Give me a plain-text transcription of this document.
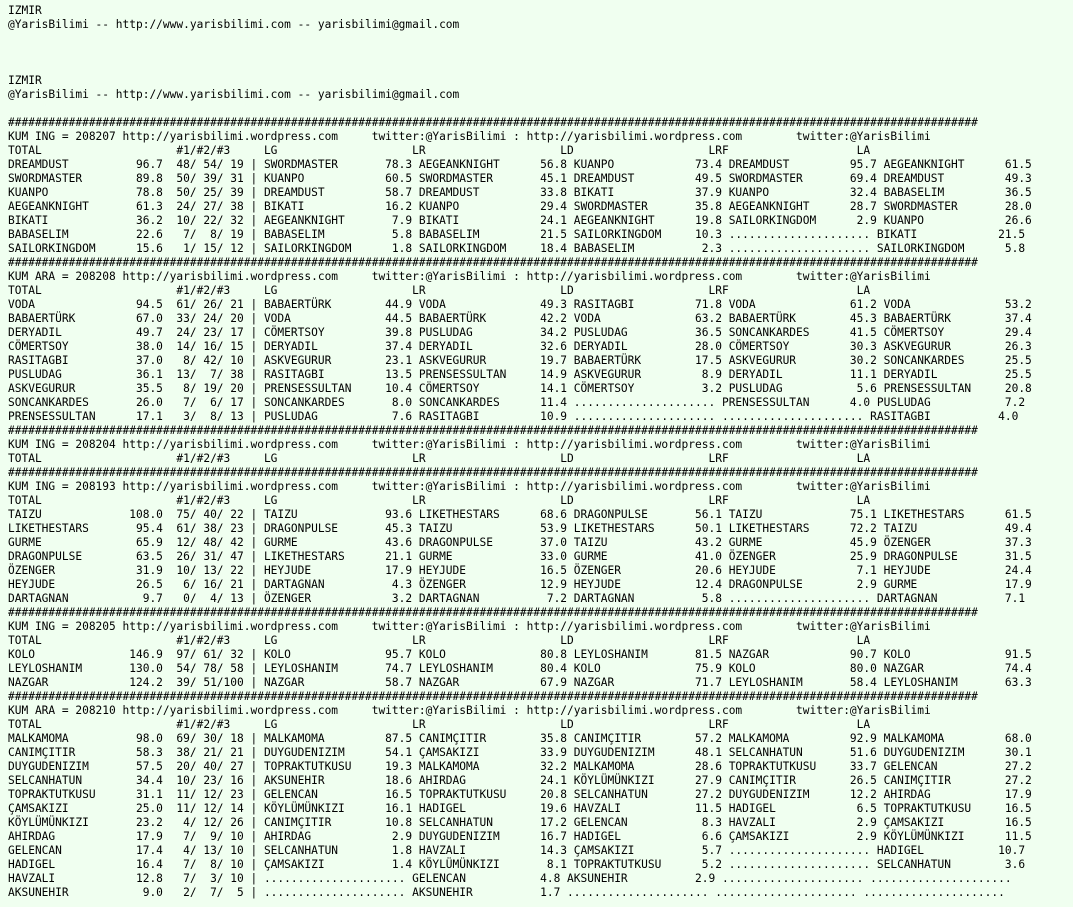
IZMIR
@YarisBilimi -- http://www.yarisbilimi.com -- yarisbilimi@gmail.com
IZMIR
@YarisBilimi -- http://www.yarisbilimi.com -- yarisbilimi@gmail.com
################################################################################################################################################
KUM ING = 208207 http://yarisbilimi.wordpress.com     twitter:@YarisBilimi : http://yarisbilimi.wordpress.com        twitter:@YarisBilimi
TOTAL                    #1/#2/#3     LG                    LR                    LD                    LRF                   LA
DREAMDUST          96.7  48/ 54/ 19 | SWORDMASTER       78.3 AEGEANKNIGHT      56.8 KUANPO            73.4 DREAMDUST         95.7 AEGEANKNIGHT      61.5
SWORDMASTER        89.8  50/ 39/ 31 | KUANPO            60.5 SWORDMASTER       45.1 DREAMDUST         49.5 SWORDMASTER       69.4 DREAMDUST         49.3
KUANPO             78.8  50/ 25/ 39 | DREAMDUST         58.7 DREAMDUST         33.8 BIKATI            37.9 KUANPO            32.4 BABASELIM         36.5
AEGEANKNIGHT       61.3  24/ 27/ 38 | BIKATI            16.2 KUANPO            29.4 SWORDMASTER       35.8 AEGEANKNIGHT      28.7 SWORDMASTER       28.0
BIKATI             36.2  10/ 22/ 32 | AEGEANKNIGHT       7.9 BIKATI            24.1 AEGEANKNIGHT      19.8 SAILORKINGDOM      2.9 KUANPO            26.6
BABASELIM          22.6   7/  8/ 19 | BABASELIM          5.8 BABASELIM         21.5 SAILORKINGDOM     10.3 ..................... BIKATI            21.5
SAILORKINGDOM      15.6   1/ 15/ 12 | SAILORKINGDOM      1.8 SAILORKINGDOM     18.4 BABASELIM          2.3 ..................... SAILORKINGDOM      5.8
################################################################################################################################################
KUM ARA = 208208 http://yarisbilimi.wordpress.com     twitter:@YarisBilimi : http://yarisbilimi.wordpress.com        twitter:@YarisBilimi
TOTAL                    #1/#2/#3     LG                    LR                    LD                    LRF                   LA
VODA               94.5  61/ 26/ 21 | BABAERTÜRK        44.9 VODA              49.3 RASITAGBI         71.8 VODA              61.2 VODA              53.2
BABAERTÜRK         67.0  33/ 24/ 20 | VODA              44.5 BABAERTÜRK        42.2 VODA              63.2 BABAERTÜRK        45.3 BABAERTÜRK        37.4
DERYADIL           49.7  24/ 23/ 17 | CÖMERTSOY         39.8 PUSLUDAG          34.2 PUSLUDAG          36.5 SONCANKARDES      41.5 CÖMERTSOY         29.4
CÖMERTSOY          38.0  14/ 16/ 15 | DERYADIL          37.4 DERYADIL          32.6 DERYADIL          28.0 CÖMERTSOY         30.3 ASKVEGURUR        26.3
RASITAGBI          37.0   8/ 42/ 10 | ASKVEGURUR        23.1 ASKVEGURUR        19.7 BABAERTÜRK        17.5 ASKVEGURUR        30.2 SONCANKARDES      25.5
PUSLUDAG           36.1  13/  7/ 38 | RASITAGBI         13.5 PRENSESSULTAN     14.9 ASKVEGURUR         8.9 DERYADIL          11.1 DERYADIL          25.5
ASKVEGURUR         35.5   8/ 19/ 20 | PRENSESSULTAN     10.4 CÖMERTSOY         14.1 CÖMERTSOY          3.2 PUSLUDAG           5.6 PRENSESSULTAN     20.8
SONCANKARDES       26.0   7/  6/ 17 | SONCANKARDES       8.0 SONCANKARDES      11.4 ..................... PRENSESSULTAN      4.0 PUSLUDAG           7.2
PRENSESSULTAN      17.1   3/  8/ 13 | PUSLUDAG           7.6 RASITAGBI         10.9 ..................... ..................... RASITAGBI          4.0
################################################################################################################################################
KUM ING = 208204 http://yarisbilimi.wordpress.com     twitter:@YarisBilimi : http://yarisbilimi.wordpress.com        twitter:@YarisBilimi
TOTAL                    #1/#2/#3     LG                    LR                    LD                    LRF                   LA
################################################################################################################################################
KUM ING = 208193 http://yarisbilimi.wordpress.com     twitter:@YarisBilimi : http://yarisbilimi.wordpress.com        twitter:@YarisBilimi
TOTAL                    #1/#2/#3     LG                    LR                    LD                    LRF                   LA
TAIZU             108.0  75/ 40/ 22 | TAIZU             93.6 LIKETHESTARS      68.6 DRAGONPULSE       56.1 TAIZU             75.1 LIKETHESTARS      61.5
LIKETHESTARS       95.4  61/ 38/ 23 | DRAGONPULSE       45.3 TAIZU             53.9 LIKETHESTARS      50.1 LIKETHESTARS      72.2 TAIZU             49.4
GURME              65.9  12/ 48/ 42 | GURME             43.6 DRAGONPULSE       37.0 TAIZU             43.2 GURME             45.9 ÖZENGER           37.3
DRAGONPULSE        63.5  26/ 31/ 47 | LIKETHESTARS      21.1 GURME             33.0 GURME             41.0 ÖZENGER           25.9 DRAGONPULSE       31.5
ÖZENGER            31.9  10/ 13/ 22 | HEYJUDE           17.9 HEYJUDE           16.5 ÖZENGER           20.6 HEYJUDE            7.1 HEYJUDE           24.4
HEYJUDE            26.5   6/ 16/ 21 | DARTAGNAN          4.3 ÖZENGER           12.9 HEYJUDE           12.4 DRAGONPULSE        2.9 GURME             17.9
DARTAGNAN           9.7   0/  4/ 13 | ÖZENGER            3.2 DARTAGNAN          7.2 DARTAGNAN          5.8 ..................... DARTAGNAN          7.1
################################################################################################################################################
KUM ING = 208205 http://yarisbilimi.wordpress.com     twitter:@YarisBilimi : http://yarisbilimi.wordpress.com        twitter:@YarisBilimi
TOTAL                    #1/#2/#3     LG                    LR                    LD                    LRF                   LA
KOLO              146.9  97/ 61/ 32 | KOLO              95.7 KOLO              80.8 LEYLOSHANIM       81.5 NAZGAR            90.7 KOLO              91.5
LEYLOSHANIM       130.0  54/ 78/ 58 | LEYLOSHANIM       74.7 LEYLOSHANIM       80.4 KOLO              75.9 KOLO              80.0 NAZGAR            74.4
NAZGAR            124.2  39/ 51/100 | NAZGAR            58.7 NAZGAR            67.9 NAZGAR            71.7 LEYLOSHANIM       58.4 LEYLOSHANIM       63.3
################################################################################################################################################
KUM ARA = 208210 http://yarisbilimi.wordpress.com     twitter:@YarisBilimi : http://yarisbilimi.wordpress.com        twitter:@YarisBilimi
TOTAL                    #1/#2/#3     LG                    LR                    LD                    LRF                   LA
MALKAMOMA          98.0  69/ 30/ 18 | MALKAMOMA         87.5 CANIMÇITIR        35.8 CANIMÇITIR        57.2 MALKAMOMA         92.9 MALKAMOMA         68.0
CANIMÇITIR         58.3  38/ 21/ 21 | DUYGUDENIZIM      54.1 ÇAMSAKIZI         33.9 DUYGUDENIZIM      48.1 SELCANHATUN       51.6 DUYGUDENIZIM      30.1
DUYGUDENIZIM       57.5  20/ 40/ 27 | TOPRAKTUTKUSU     19.3 MALKAMOMA         32.2 MALKAMOMA         28.6 TOPRAKTUTKUSU     33.7 GELENCAN          27.2
SELCANHATUN        34.4  10/ 23/ 16 | AKSUNEHIR         18.6 AHIRDAG           24.1 KÖYLÜMÜNKIZI      27.9 CANIMÇITIR        26.5 CANIMÇITIR        27.2
TOPRAKTUTKUSU      31.1  11/ 12/ 23 | GELENCAN          16.5 TOPRAKTUTKUSU     20.8 SELCANHATUN       27.2 DUYGUDENIZIM      12.2 AHIRDAG           17.9
ÇAMSAKIZI          25.0  11/ 12/ 14 | KÖYLÜMÜNKIZI      16.1 HADIGEL           19.6 HAVZALI           11.5 HADIGEL            6.5 TOPRAKTUTKUSU     16.5
KÖYLÜMÜNKIZI       23.2   4/ 12/ 26 | CANIMÇITIR        10.8 SELCANHATUN       17.2 GELENCAN           8.3 HAVZALI            2.9 ÇAMSAKIZI         16.5
AHIRDAG            17.9   7/  9/ 10 | AHIRDAG            2.9 DUYGUDENIZIM      16.7 HADIGEL            6.6 ÇAMSAKIZI          2.9 KÖYLÜMÜNKIZI      11.5
GELENCAN           17.4   4/ 13/ 10 | SELCANHATUN        1.8 HAVZALI           14.3 ÇAMSAKIZI          5.7 ..................... HADIGEL           10.7
HADIGEL            16.4   7/  8/ 10 | ÇAMSAKIZI          1.4 KÖYLÜMÜNKIZI       8.1 TOPRAKTUTKUSU      5.2 ..................... SELCANHATUN        3.6
HAVZALI            12.8   7/  3/ 10 | ..................... GELENCAN           4.8 AKSUNEHIR          2.9 ..................... .....................
AKSUNEHIR           9.0   2/  7/  5 | ..................... AKSUNEHIR          1.7 ..................... ..................... .....................
